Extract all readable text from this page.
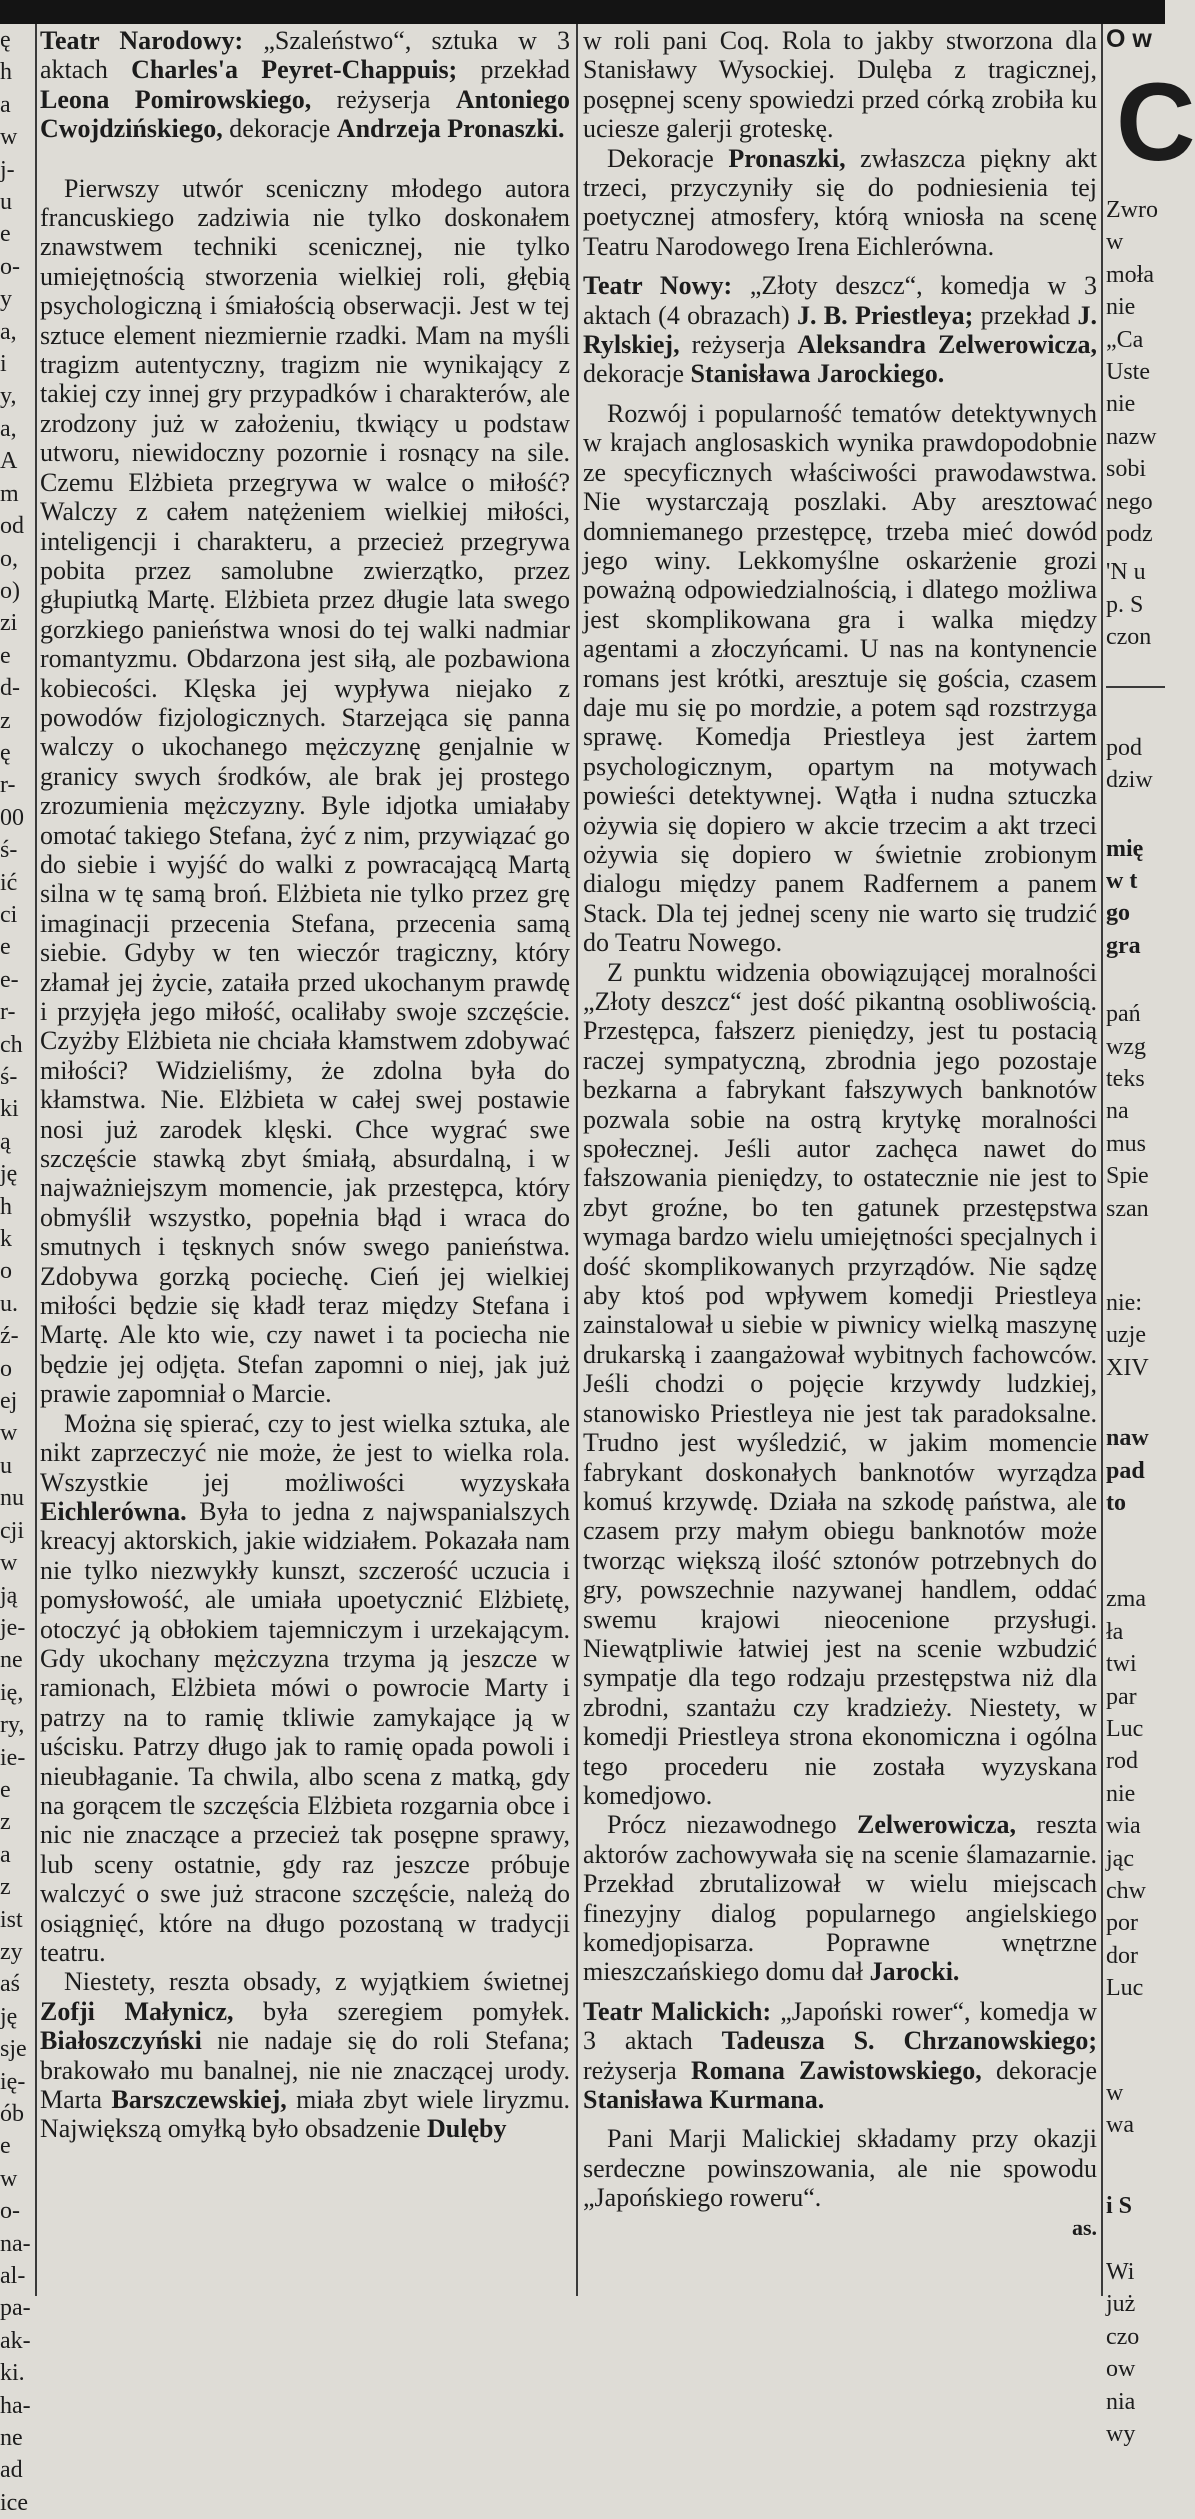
ę

h

a

w

j-

u

e

o-

y

a,

i

y,

a,

A

m

od

o,

o)

zi

e

d-

z

ę

r-

00

ś-

ić

ci

e

e-

r-

ch

ś-

ki

ą

ję

h

k

o

u.

ź-

o

ej

w

u

nu

cji

w

ją

je-

ne

ię,

ry,

ie-

e

z

a

z

ist

zy

aś

ję

sje

ię-

ób

e

w

o-

na-

al-

pa-

ak-

ki.

ha-

ne

ad

ice

Teatr Narodowy: „Szaleństwo“, sztuka w 3 aktach Charles'a Peyret-Chappuis; przekład Leona Pomirowskiego, reżyserja Antoniego Cwojdzińskiego, dekoracje Andrzeja Pronaszki.

Pierwszy utwór sceniczny młodego autora francuskiego zadziwia nie tylko doskonałem znawstwem techniki scenicznej, nie tylko umiejętnością stworzenia wielkiej roli, głębią psychologiczną i śmiałością obserwacji. Jest w tej sztuce element niezmiernie rzadki. Mam na myśli tragizm autentyczny, tragizm nie wynikający z takiej czy innej gry przypadków i charakterów, ale zrodzony już w założeniu, tkwiący u podstaw utworu, niewidoczny pozornie i rosnący na sile. Czemu Elżbieta przegrywa w walce o miłość? Walczy z całem natężeniem wielkiej miłości, inteligencji i charakteru, a przecież przegrywa pobita przez samolubne zwierzątko, przez głupiutką Martę. Elżbieta przez długie lata swego gorzkiego panieństwa wnosi do tej walki nadmiar romantyzmu. Obdarzona jest siłą, ale pozbawiona kobiecości. Klęska jej wypływa niejako z powodów fizjologicznych. Starzejąca się panna walczy o ukochanego mężczyznę genjalnie w granicy swych środków, ale brak jej prostego zrozumienia mężczyzny. Byle idjotka umiałaby omotać takiego Stefana, żyć z nim, przywiązać go do siebie i wyjść do walki z powracającą Martą silna w tę samą broń. Elżbieta nie tylko przez grę imaginacji przecenia Stefana, przecenia samą siebie. Gdyby w ten wieczór tragiczny, który złamał jej życie, zataiła przed ukochanym prawdę i przyjęła jego miłość, ocaliłaby swoje szczęście. Czyżby Elżbieta nie chciała kłamstwem zdobywać miłości? Widzieliśmy, że zdolna była do kłamstwa. Nie. Elżbieta w całej swej postawie nosi już zarodek klęski. Chce wygrać swe szczęście stawką zbyt śmiałą, absurdalną, i w najważniejszym momencie, jak przestępca, który obmyślił wszystko, popełnia błąd i wraca do smutnych i tęsknych snów swego panieństwa. Zdobywa gorzką pociechę. Cień jej wielkiej miłości będzie się kładł teraz między Stefana i Martę. Ale kto wie, czy nawet i ta pociecha nie będzie jej odjęta. Stefan zapomni o niej, jak już prawie zapomniał o Marcie.

Można się spierać, czy to jest wielka sztuka, ale nikt zaprzeczyć nie może, że jest to wielka rola. Wszystkie jej możliwości wyzyskała Eichlerówna. Była to jedna z najwspanialszych kreacyj aktorskich, jakie widziałem. Pokazała nam nie tylko niezwykły kunszt, szczerość uczucia i pomysłowość, ale umiała upoetycznić Elżbietę, otoczyć ją obłokiem tajemniczym i urzekającym. Gdy ukochany mężczyzna trzyma ją jeszcze w ramionach, Elżbieta mówi o powrocie Marty i patrzy na to ramię tkliwie zamykające ją w uścisku. Patrzy długo jak to ramię opada powoli i nieubłaganie. Ta chwila, albo scena z matką, gdy na gorącem tle szczęścia Elżbieta rozgarnia obce i nic nie znaczące a przecież tak posępne sprawy, lub sceny ostatnie, gdy raz jeszcze próbuje walczyć o swe już stracone szczęście, należą do osiągnięć, które na długo pozostaną w tradycji teatru.

Niestety, reszta obsady, z wyjątkiem świetnej Zofji Małynicz, była szeregiem pomyłek. Białoszczyński nie nadaje się do roli Stefana; brakowało mu banalnej, nie nie znaczącej urody. Marta Barszczewskiej, miała zbyt wiele liryzmu. Największą omyłką było obsadzenie Dulęby

w roli pani Coq. Rola to jakby stworzona dla Stanisławy Wysockiej. Dulęba z tragicznej, posępnej sceny spowiedzi przed córką zrobiła ku uciesze galerji groteskę.

Dekoracje Pronaszki, zwłaszcza piękny akt trzeci, przyczyniły się do podniesienia tej poetycznej atmosfery, którą wniosła na scenę Teatru Narodowego Irena Eichlerówna.

Teatr Nowy: „Złoty deszcz“, komedja w 3 aktach (4 obrazach) J. B. Priestleya; przekład J. Rylskiej, reżyserja Aleksandra Zelwerowicza, dekoracje Stanisława Jarockiego.

Rozwój i popularność tematów detektywnych w krajach anglosaskich wynika prawdopodobnie ze specyficznych właściwości prawodawstwa. Nie wystarczają poszlaki. Aby aresztować domniemanego przestępcę, trzeba mieć dowód jego winy. Lekkomyślne oskarżenie grozi poważną odpowiedzialnością, i dlatego możliwa jest skomplikowana gra i walka między agentami a złoczyńcami. U nas na kontynencie romans jest krótki, aresztuje się gościa, czasem daje mu się po mordzie, a potem sąd rozstrzyga sprawę. Komedja Priestleya jest żartem psychologicznym, opartym na motywach powieści detektywnej. Wątła i nudna sztuczka ożywia się dopiero w akcie trzecim a akt trzeci ożywia się dopiero w świetnie zrobionym dialogu między panem Radfernem a panem Stack. Dla tej jednej sceny nie warto się trudzić do Teatru Nowego.

Z punktu widzenia obowiązującej moralności „Złoty deszcz“ jest dość pikantną osobliwością. Przestępca, fałszerz pieniędzy, jest tu postacią raczej sympatyczną, zbrodnia jego pozostaje bezkarna a fabrykant fałszywych banknotów pozwala sobie na ostrą krytykę moralności społecznej. Jeśli autor zachęca nawet do fałszowania pieniędzy, to ostatecznie nie jest to zbyt groźne, bo ten gatunek przestępstwa wymaga bardzo wielu umiejętności specjalnych i dość skomplikowanych przyrządów. Nie sądzę aby ktoś pod wpływem komedji Priestleya zainstalował u siebie w piwnicy wielką maszynę drukarską i zaangażował wybitnych fachowców. Jeśli chodzi o pojęcie krzywdy ludzkiej, stanowisko Priestleya nie jest tak paradoksalne. Trudno jest wyśledzić, w jakim momencie fabrykant doskonałych banknotów wyrządza komuś krzywdę. Działa na szkodę państwa, ale czasem przy małym obiegu banknotów może tworząc większą ilość sztonów potrzebnych do gry, powszechnie nazywanej handlem, oddać swemu krajowi nieocenione przysługi. Niewątpliwie łatwiej jest na scenie wzbudzić sympatje dla tego rodzaju przestępstwa niż dla zbrodni, szantażu czy kradzieży. Niestety, w komedji Priestleya strona ekonomiczna i ogólna tego procederu nie została wyzyskana komedjowo.

Prócz niezawodnego Zelwerowicza, reszta aktorów zachowywała się na scenie ślamazarnie. Przekład zbrutalizował w wielu miejscach finezyjny dialog popularnego angielskiego komedjopisarza. Poprawne wnętrzne mieszczańskiego domu dał Jarocki.

Teatr Malickich: „Japoński rower“, komedja w 3 aktach Tadeusza S. Chrzanowskiego; reżyserja Romana Zawistowskiego, dekoracje Stanisława Kurmana.

Pani Marji Malickiej składamy przy okazji serdeczne powinszowania, ale nie spowodu „Japońskiego roweru“.

as.

O w
C

Zwro

w

moła

nie

„Ca

Uste

nie

nazw

sobi

nego

podz

'N u

p. S

czon

pod

dziw

mię

w t

go

gra

pań

wzg

teks

na

mus

Spie

szan

nie:

uzje

XIV

naw

pad

to

zma

ła

twi

par

Luc

rod

nie

wia

jąc

chw

por

dor

Luc

w

wa

i S

Wi

już

czo

ow

nia

wy
